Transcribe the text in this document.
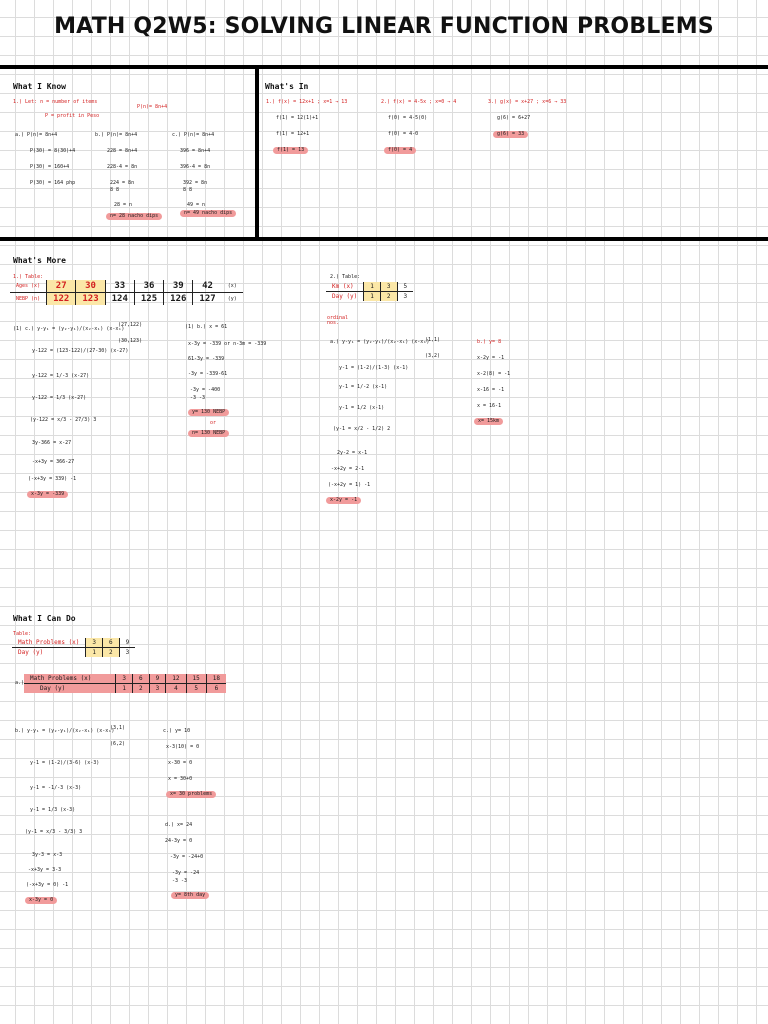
MATH Q2W5: SOLVING LINEAR FUNCTION PROBLEMS
What I Know
1.) Let: n = number of items
P(n)= 8n+4
P = profit in Peso
a.) P(n)= 8n+4
P(30) = 8(30)+4
P(30) = 160+4
P(30) = 164 php
b.) P(n)= 8n+4
228 = 8n+4
228-4 = 8n
224 = 8n
8 8
28 = n
n= 28 nacho dips
c.) P(n)= 8n+4
396 = 8n+4
396-4 = 8n
392 = 8n
8 8
49 = n
n= 49 nacho dips
What's In
1.) f(x) = 12x+1 ; x=1 → 13
f(1) = 12(1)+1
f(1) = 12+1
f(1) = 13
2.) f(x) = 4-5x ; x=0 → 4
f(0) = 4-5(0)
f(0) = 4-0
f(0) = 4
3.) g(x) = x+27 ; x=6 → 33
g(6) = 6+27
g(6) = 33
What's More
1.) Table:
Ages (x)	27	30	33	36	39	42	(x)
NEBP (n)	122	123	124	125	126	127	(y)
(1) c.) y-y₁ = (y₂-y₁)/(x₂-x₁) (x-x₁)
(27,122)
(30,123)
y-122 = (123-122)/(27-30) (x-27)
y-122 = 1/-3 (x-27)
y-122 = 1/3 (x-27)
(y-122 = x/3 - 27/3) 3
3y-366 = x-27
-x+3y = 366-27
(-x+3y = 339) -1
x-3y = -339
(1) b.) x = 61
x-3y = -339 or n-3m = -339
61-3y = -339
-3y = -339-61
-3y = -400
-3 -3
y= 130 NEBP
or
n= 130 NEBP
2.) Table:
Km (x)	1	3	5
Day (y)	1	2	3
ordinal nos.
a.) y-y₁ = (y₂-y₁)/(x₂-x₁) (x-x₁)
(1,1)
(3,2)
y-1 = (1-2)/(1-3) (x-1)
y-1 = 1/-2 (x-1)
y-1 = 1/2 (x-1)
(y-1 = x/2 - 1/2) 2
2y-2 = x-1
-x+2y = 2-1
(-x+2y = 1) -1
x-2y = -1
b.) y= 8
x-2y = -1
x-2(8) = -1
x-16 = -1
x = 16-1
x= 15km
What I Can Do
Table:
Math Problems (x)	3	6	9
Day (y)	1	2	3
a.)
Math Problems (x)	3	6	9	12	15	18
Day (y)	1	2	3	4	5	6
b.) y-y₁ = (y₂-y₁)/(x₂-x₁) (x-x₁)
(3,1)
(6,2)
y-1 = (1-2)/(3-6) (x-3)
y-1 = -1/-3 (x-3)
y-1 = 1/3 (x-3)
(y-1 = x/3 - 3/3) 3
3y-3 = x-3
-x+3y = 3-3
(-x+3y = 0) -1
x-3y = 0
c.) y= 10
x-3(10) = 0
x-30 = 0
x = 30+0
x= 30 problems
d.) x= 24
24-3y = 0
-3y = -24+0
-3y = -24
-3 -3
y= 8th day
